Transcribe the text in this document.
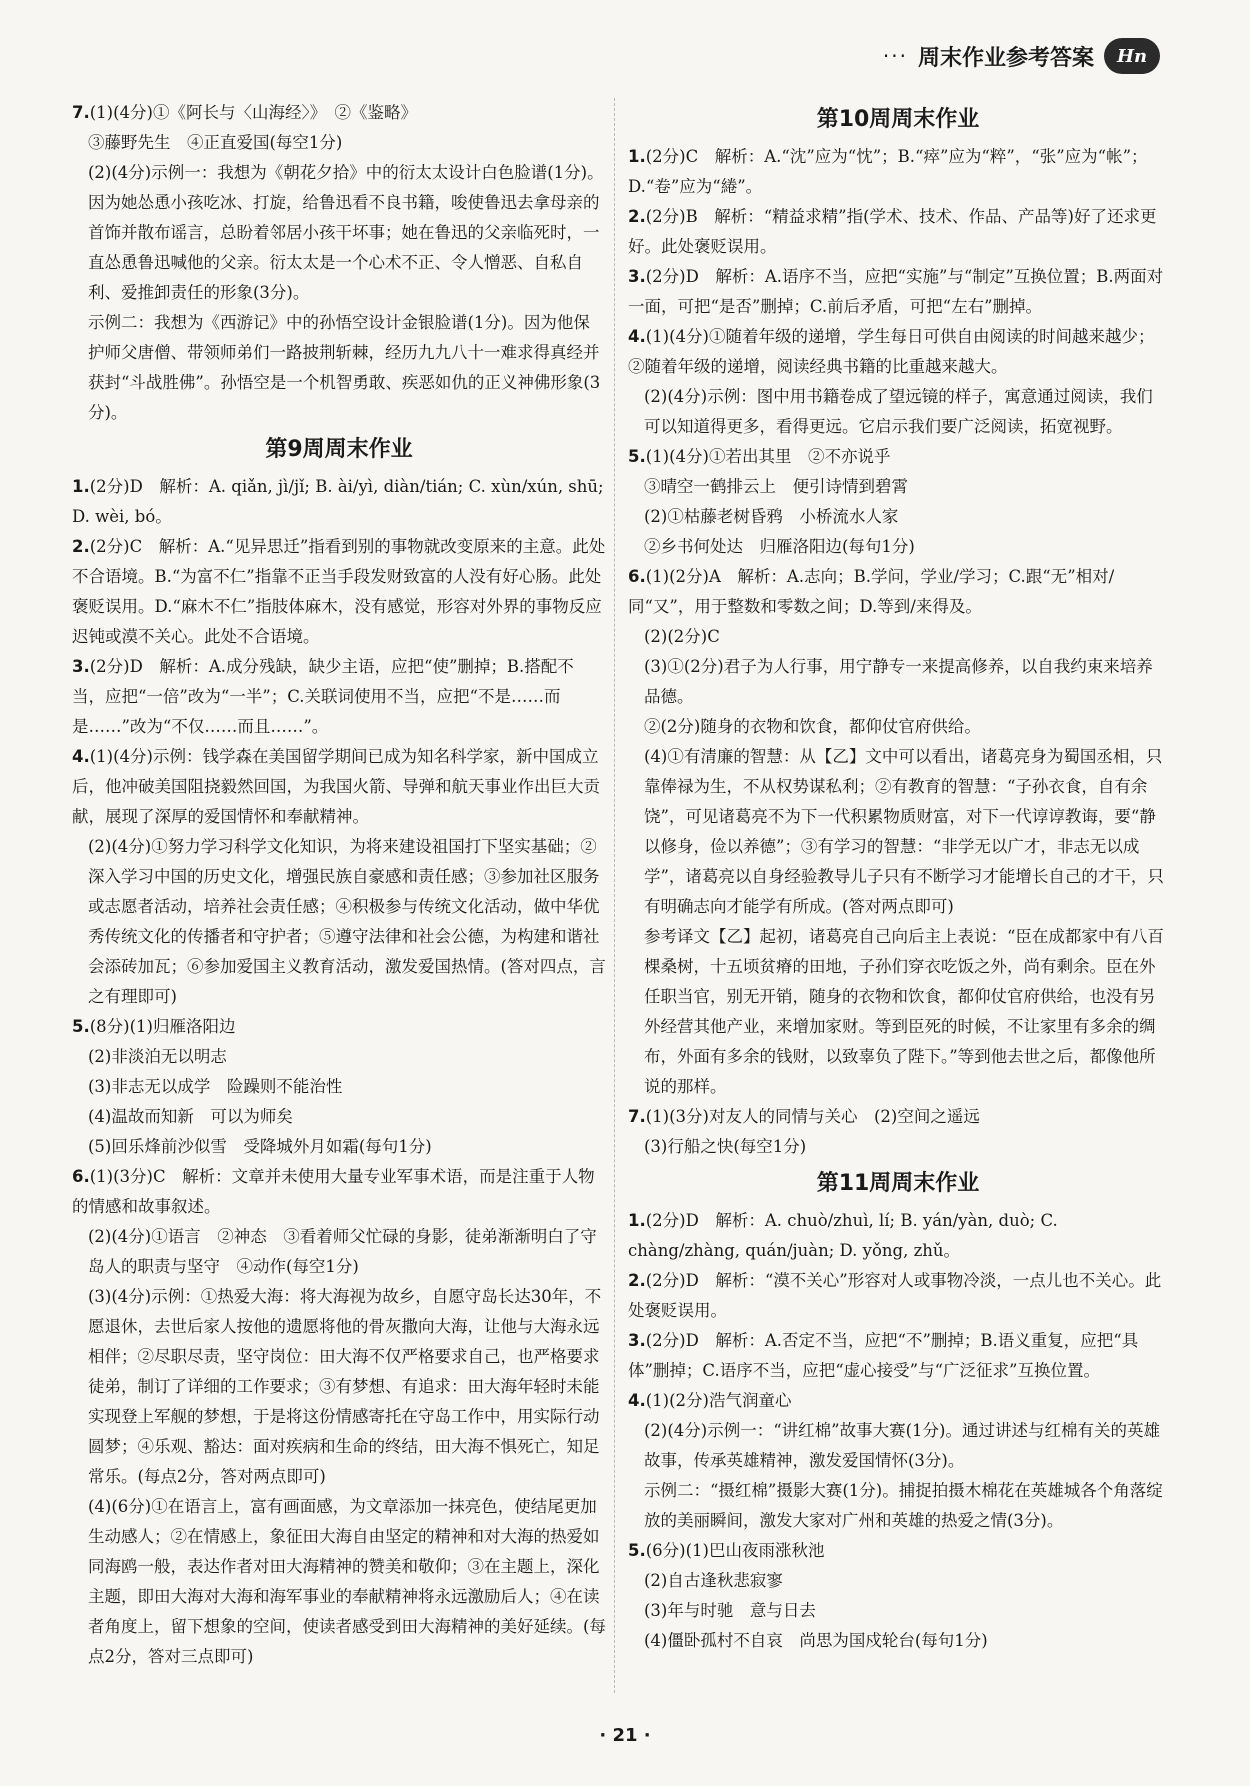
··· 周末作业参考答案	Hn
7.(1)(4分)①《阿长与〈山海经〉》　②《鉴略》
③藤野先生　④正直爱国(每空1分)
(2)(4分)示例一：我想为《朝花夕拾》中的衍太太设计白色脸谱(1分)。因为她怂恿小孩吃冰、打旋，给鲁迅看不良书籍，唆使鲁迅去拿母亲的首饰并散布谣言，总盼着邻居小孩干坏事；她在鲁迅的父亲临死时，一直怂恿鲁迅喊他的父亲。衍太太是一个心术不正、令人憎恶、自私自利、爱推卸责任的形象(3分)。
示例二：我想为《西游记》中的孙悟空设计金银脸谱(1分)。因为他保护师父唐僧、带领师弟们一路披荆斩棘，经历九九八十一难求得真经并获封“斗战胜佛”。孙悟空是一个机智勇敢、疾恶如仇的正义神佛形象(3分)。
第9周周末作业
1.(2分)D　解析：A. qiǎn, jì/jǐ; B. ài/yì, diàn/tián; C. xùn/xún, shū; D. wèi, bó。
2.(2分)C　解析：A.“见异思迁”指看到别的事物就改变原来的主意。此处不合语境。B.“为富不仁”指靠不正当手段发财致富的人没有好心肠。此处褒贬误用。D.“麻木不仁”指肢体麻木，没有感觉，形容对外界的事物反应迟钝或漠不关心。此处不合语境。
3.(2分)D　解析：A.成分残缺，缺少主语，应把“使”删掉；B.搭配不当，应把“一倍”改为“一半”；C.关联词使用不当，应把“不是……而是……”改为“不仅……而且……”。
4.(1)(4分)示例：钱学森在美国留学期间已成为知名科学家，新中国成立后，他冲破美国阻挠毅然回国，为我国火箭、导弹和航天事业作出巨大贡献，展现了深厚的爱国情怀和奉献精神。
(2)(4分)①努力学习科学文化知识，为将来建设祖国打下坚实基础；②深入学习中国的历史文化，增强民族自豪感和责任感；③参加社区服务或志愿者活动，培养社会责任感；④积极参与传统文化活动，做中华优秀传统文化的传播者和守护者；⑤遵守法律和社会公德，为构建和谐社会添砖加瓦；⑥参加爱国主义教育活动，激发爱国热情。(答对四点，言之有理即可)
5.(8分)(1)归雁洛阳边
(2)非淡泊无以明志
(3)非志无以成学　险躁则不能治性
(4)温故而知新　可以为师矣
(5)回乐烽前沙似雪　受降城外月如霜(每句1分)
6.(1)(3分)C　解析：文章并未使用大量专业军事术语，而是注重于人物的情感和故事叙述。
(2)(4分)①语言　②神态　③看着师父忙碌的身影，徒弟渐渐明白了守岛人的职责与坚守　④动作(每空1分)
(3)(4分)示例：①热爱大海：将大海视为故乡，自愿守岛长达30年，不愿退休，去世后家人按他的遗愿将他的骨灰撒向大海，让他与大海永远相伴；②尽职尽责，坚守岗位：田大海不仅严格要求自己，也严格要求徒弟，制订了详细的工作要求；③有梦想、有追求：田大海年轻时未能实现登上军舰的梦想，于是将这份情感寄托在守岛工作中，用实际行动圆梦；④乐观、豁达：面对疾病和生命的终结，田大海不惧死亡，知足常乐。(每点2分，答对两点即可)
(4)(6分)①在语言上，富有画面感，为文章添加一抹亮色，使结尾更加生动感人；②在情感上，象征田大海自由坚定的精神和对大海的热爱如同海鸥一般，表达作者对田大海精神的赞美和敬仰；③在主题上，深化主题，即田大海对大海和海军事业的奉献精神将永远激励后人；④在读者角度上，留下想象的空间，使读者感受到田大海精神的美好延续。(每点2分，答对三点即可)
第10周周末作业
1.(2分)C　解析：A.“沈”应为“忱”；B.“瘁”应为“粹”，“张”应为“帐”；D.“卷”应为“綣”。
2.(2分)B　解析：“精益求精”指(学术、技术、作品、产品等)好了还求更好。此处褒贬误用。
3.(2分)D　解析：A.语序不当，应把“实施”与“制定”互换位置；B.两面对一面，可把“是否”删掉；C.前后矛盾，可把“左右”删掉。
4.(1)(4分)①随着年级的递增，学生每日可供自由阅读的时间越来越少；②随着年级的递增，阅读经典书籍的比重越来越大。
(2)(4分)示例：图中用书籍卷成了望远镜的样子，寓意通过阅读，我们可以知道得更多，看得更远。它启示我们要广泛阅读，拓宽视野。
5.(1)(4分)①若出其里　②不亦说乎
③晴空一鹤排云上　便引诗情到碧霄
(2)①枯藤老树昏鸦　小桥流水人家
②乡书何处达　归雁洛阳边(每句1分)
6.(1)(2分)A　解析：A.志向；B.学问，学业/学习；C.跟“无”相对/同“又”，用于整数和零数之间；D.等到/来得及。
(2)(2分)C
(3)①(2分)君子为人行事，用宁静专一来提高修养，以自我约束来培养品德。
②(2分)随身的衣物和饮食，都仰仗官府供给。
(4)①有清廉的智慧：从【乙】文中可以看出，诸葛亮身为蜀国丞相，只靠俸禄为生，不从权势谋私利；②有教育的智慧：“子孙衣食，自有余饶”，可见诸葛亮不为下一代积累物质财富，对下一代谆谆教诲，要“静以修身，俭以养德”；③有学习的智慧：“非学无以广才，非志无以成学”，诸葛亮以自身经验教导儿子只有不断学习才能增长自己的才干，只有明确志向才能学有所成。(答对两点即可)
参考译文【乙】起初，诸葛亮自己向后主上表说：“臣在成都家中有八百棵桑树，十五顷贫瘠的田地，子孙们穿衣吃饭之外，尚有剩余。臣在外任职当官，别无开销，随身的衣物和饮食，都仰仗官府供给，也没有另外经营其他产业，来增加家财。等到臣死的时候，不让家里有多余的绸布，外面有多余的钱财，以致辜负了陛下。”等到他去世之后，都像他所说的那样。
7.(1)(3分)对友人的同情与关心　(2)空间之遥远
(3)行船之快(每空1分)
第11周周末作业
1.(2分)D　解析：A. chuò/zhuì, lí; B. yán/yàn, duò; C. chàng/zhàng, quán/juàn; D. yǒng, zhǔ。
2.(2分)D　解析：“漠不关心”形容对人或事物冷淡，一点儿也不关心。此处褒贬误用。
3.(2分)D　解析：A.否定不当，应把“不”删掉；B.语义重复，应把“具体”删掉；C.语序不当，应把“虚心接受”与“广泛征求”互换位置。
4.(1)(2分)浩气润童心
(2)(4分)示例一：“讲红棉”故事大赛(1分)。通过讲述与红棉有关的英雄故事，传承英雄精神，激发爱国情怀(3分)。
示例二：“摄红棉”摄影大赛(1分)。捕捉拍摄木棉花在英雄城各个角落绽放的美丽瞬间，激发大家对广州和英雄的热爱之情(3分)。
5.(6分)(1)巴山夜雨涨秋池
(2)自古逢秋悲寂寥
(3)年与时驰　意与日去
(4)僵卧孤村不自哀　尚思为国戍轮台(每句1分)
· 21 ·
